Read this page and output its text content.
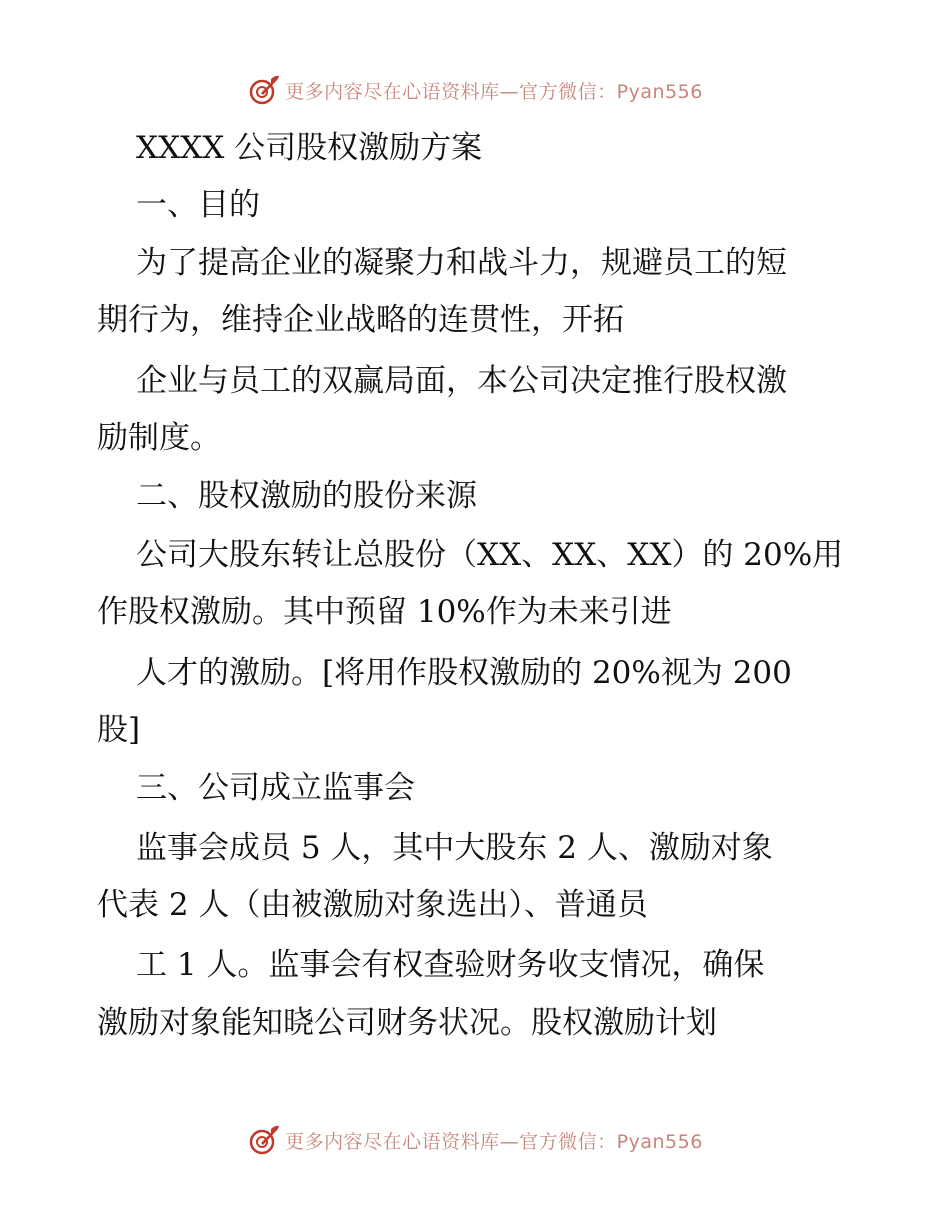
更多内容尽在心语资料库—官方微信：Pyan556
XXXX 公司股权激励方案
一、目的
为了提高企业的凝聚力和战斗力，规避员工的短
期行为，维持企业战略的连贯性，开拓
企业与员工的双赢局面，本公司决定推行股权激
励制度。
二、股权激励的股份来源
公司大股东转让总股份（XX、XX、XX）的 20%用
作股权激励。其中预留 10%作为未来引进
人才的激励。[将用作股权激励的 20%视为 200
股]
三、公司成立监事会
监事会成员 5 人，其中大股东 2 人、激励对象
代表 2 人（由被激励对象选出）、普通员
工 1 人。监事会有权查验财务收支情况，确保
激励对象能知晓公司财务状况。股权激励计划
更多内容尽在心语资料库—官方微信：Pyan556
